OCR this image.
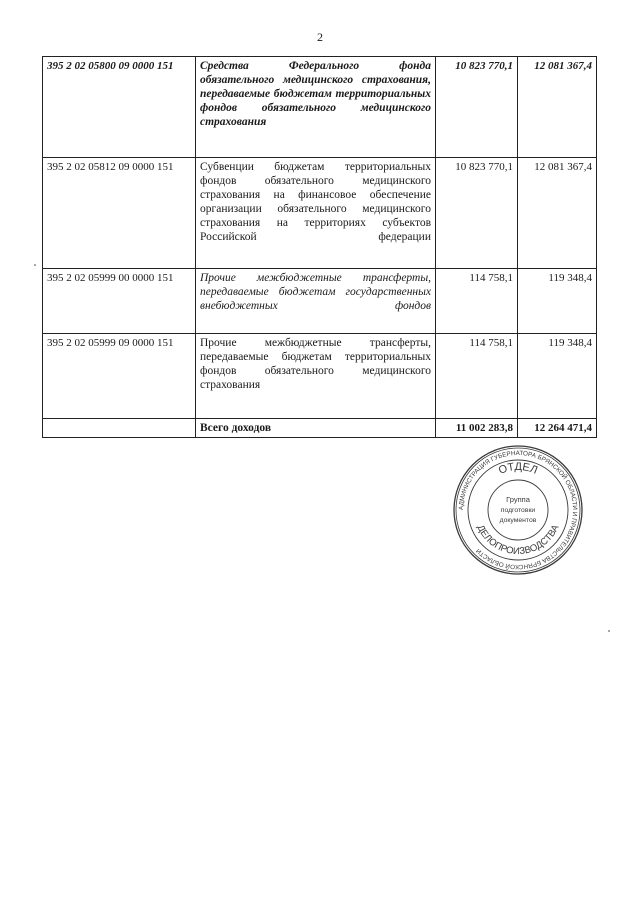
2
395 2 02 05800 09 0000 151	Средства Федерального фонда обязательного медицинского страхования, передаваемые бюджетам территориальных фондов обязательного медицинского страхования	10 823 770,1	12 081 367,4
395 2 02 05812 09 0000 151	Субвенции бюджетам территориальных фондов обязательного медицинского страхования на финансовое обеспечение организации обязательного медицинского страхования на территориях субъектов Российской федерации	10 823 770,1	12 081 367,4
395 2 02 05999 00 0000 151	Прочие межбюджетные трансферты, передаваемые бюджетам государственных внебюджетных фондов	114 758,1	119 348,4
395 2 02 05999 09 0000 151	Прочие межбюджетные трансферты, передаваемые бюджетам территориальных фондов обязательного медицинского страхования	114 758,1	119 348,4
	Всего доходов	11 002 283,8	12 264 471,4
АДМИНИСТРАЦИЯ ГУБЕРНАТОРА БРЯНСКОЙ ОБЛАСТИ И ПРАВИТЕЛЬСТВА БРЯНСКОЙ ОБЛАСТИ
ОТДЕЛ
ДЕЛОПРОИЗВОДСТВА
Группа
подготовки
документов
